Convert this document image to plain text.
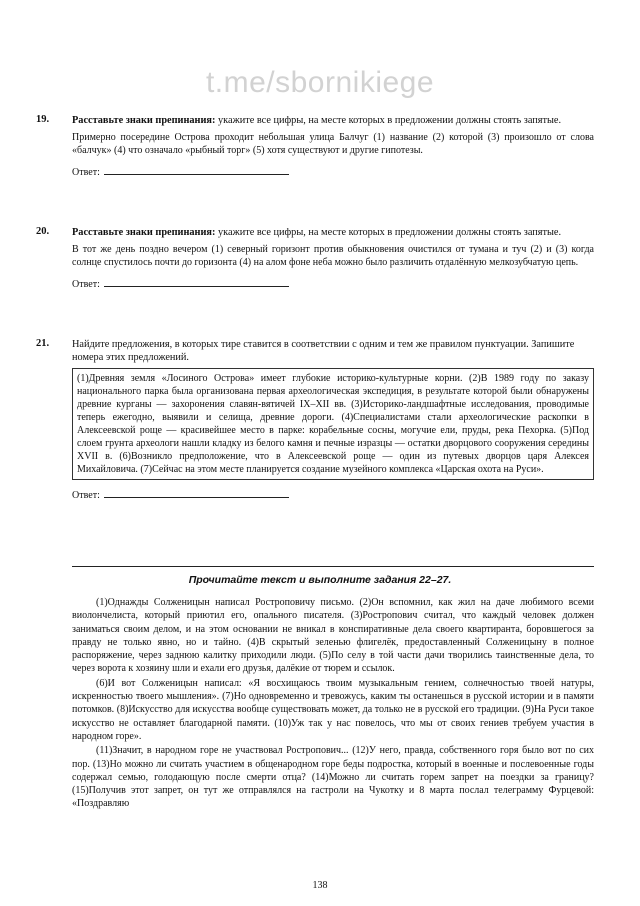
t.me/sbornikiege
19.	Расставьте знаки препинания: укажите все цифры, на месте которых в предложении должны стоять запятые.
Примерно посередине Острова проходит небольшая улица Балчуг (1) название (2) которой (3) произошло от слова «балчук» (4) что означало «рыбный торг» (5) хотя существуют и другие гипотезы.
Ответ:
20.	Расставьте знаки препинания: укажите все цифры, на месте которых в предложении должны стоять запятые.
В тот же день поздно вечером (1) северный горизонт против обыкновения очистился от тумана и туч (2) и (3) когда солнце спустилось почти до горизонта (4) на алом фоне неба можно было различить отдалённую мелкозубчатую цепь.
Ответ:
21.	Найдите предложения, в которых тире ставится в соответствии с одним и тем же правилом пунктуации. Запишите номера этих предложений.
(1)Древняя земля «Лосиного Острова» имеет глубокие историко-культурные корни. (2)В 1989 году по заказу национального парка была организована первая археологическая экспедиция, в результате которой были обнаружены древние курганы — захоронения славян-вятичей IX–XII вв. (3)Историко-ландшафтные исследования, проводимые теперь ежегодно, выявили и селища, древние дороги. (4)Специалистами стали археологические раскопки в Алексеевской роще — красивейшее место в парке: корабельные сосны, могучие ели, пруды, река Пехорка. (5)Под слоем грунта археологи нашли кладку из белого камня и печные изразцы — остатки дворцового сооружения середины XVII в. (6)Возникло предположение, что в Алексеевской роще — один из путевых дворцов царя Алексея Михайловича. (7)Сейчас на этом месте планируется создание музейного комплекса «Царская охота на Руси».
Ответ:
Прочитайте текст и выполните задания 22–27.

(1)Однажды Солженицын написал Ростроповичу письмо. (2)Он вспомнил, как жил на даче любимого всеми виолончелиста, который приютил его, опального писателя. (3)Ростропович считал, что каждый человек должен заниматься своим делом, и на этом основании не вникал в конспиративные дела своего квартиранта, боровшегося за правду не только явно, но и тайно. (4)В скрытый зеленью флигелёк, предоставленный Солженицыну в полное распоряжение, через заднюю калитку приходили люди. (5)По селу в той части дачи творились таинственные дела, то через ворота к хозяину шли и ехали его друзья, далёкие от тюрем и ссылок.

(6)И вот Солженицын написал: «Я восхищаюсь твоим музыкальным гением, солнечностью твоей натуры, искренностью твоего мышления». (7)Но одновременно и тревожусь, каким ты останешься в русской истории и в памяти потомков. (8)Искусство для искусства вообще существовать может, да только не в русской его традиции. (9)На Руси такое искусство не оставляет благодарной памяти. (10)Уж так у нас повелось, что мы от своих гениев требуем участия в народном горе».

(11)Значит, в народном горе не участвовал Ростропович... (12)У него, правда, собственного горя было вот по сих пор. (13)Но можно ли считать участием в общенародном горе беды подростка, который в военные и послевоенные годы содержал семью, голодающую после смерти отца? (14)Можно ли считать горем запрет на поездки за границу? (15)Получив этот запрет, он тут же отправлялся на гастроли на Чукотку и 8 марта послал телеграмму Фурцевой: «Поздравляю

138
